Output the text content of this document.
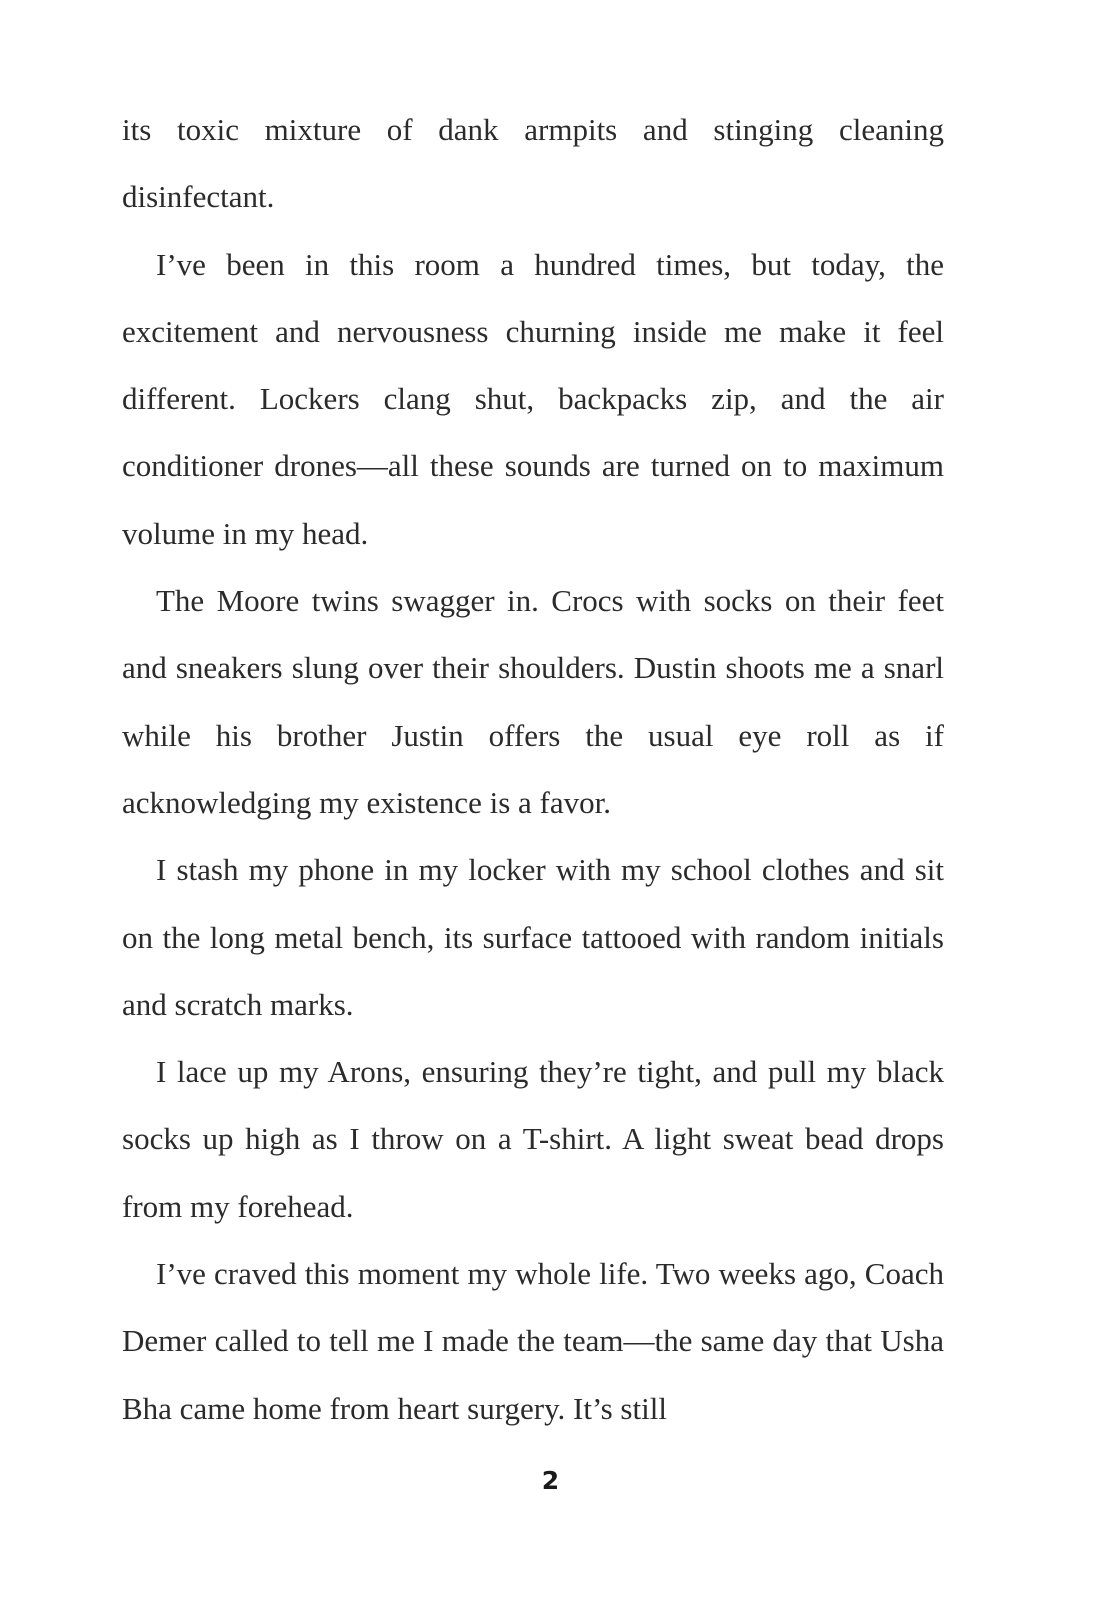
its toxic mixture of dank armpits and stinging cleaning disinfectant.

I’ve been in this room a hundred times, but today, the excitement and nervousness churning inside me make it feel different. Lockers clang shut, backpacks zip, and the air conditioner drones—all these sounds are turned on to maximum volume in my head.

The Moore twins swagger in. Crocs with socks on their feet and sneakers slung over their shoulders. Dustin shoots me a snarl while his brother Justin offers the usual eye roll as if acknowledging my existence is a favor.

I stash my phone in my locker with my school clothes and sit on the long metal bench, its surface tattooed with random initials and scratch marks.

I lace up my Arons, ensuring they’re tight, and pull my black socks up high as I throw on a T-shirt. A light sweat bead drops from my forehead.

I’ve craved this moment my whole life. Two weeks ago, Coach Demer called to tell me I made the team—the same day that Usha Bha came home from heart surgery. It’s still

2
